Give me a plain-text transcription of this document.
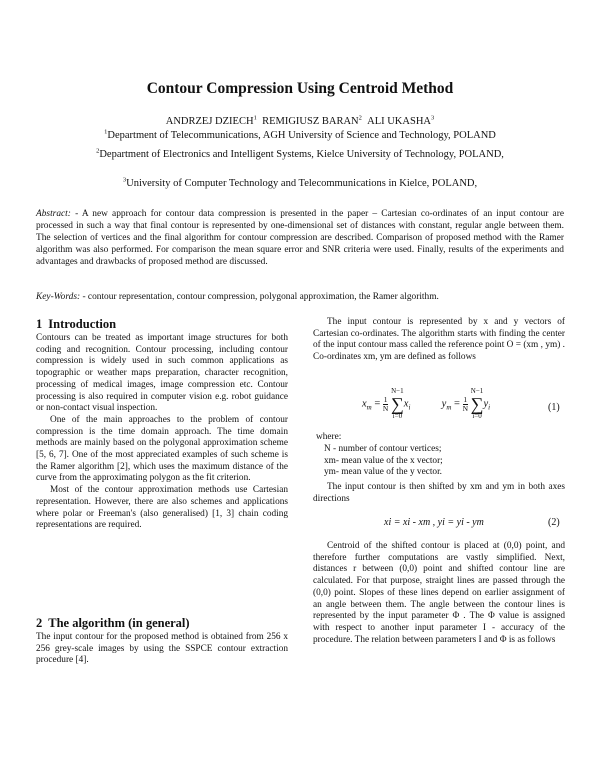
Contour Compression Using Centroid Method
ANDRZEJ DZIECH$^1$ REMIGIUSZ BARAN$^2$ ALI UKASHA$^3$
$^1$Department of Telecommunications, AGH University of Science and Technology, POLAND
$^2$Department of Electronics and Intelligent Systems, Kielce University of Technology, POLAND,
$^3$University of Computer Technology and Telecommunications in Kielce, POLAND,
Abstract: - A new approach for contour data compression is presented in the paper – Cartesian co-ordinates of an input contour are processed in such a way that final contour is represented by one-dimensional set of distances with constant, regular angle between them. The selection of vertices and the final algorithm for contour compression are described. Comparison of proposed method with the Ramer algorithm was also performed. For comparison the mean square error and SNR criteria were used. Finally, results of the experiments and advantages and drawbacks of proposed method are discussed.
Key-Words: - contour representation, contour compression, polygonal approximation, the Ramer algorithm.
1 Introduction

Contours can be treated as important image structures for both coding and recognition. Contour processing, including contour compression is widely used in such common applications as topographic or weather maps preparation, character recognition, processing of medical images, image compression etc. Contour processing is also required in computer vision e.g. robot guidance or non-contact visual inspection.

One of the main approaches to the problem of contour compression is the time domain approach. The time domain methods are mainly based on the polygonal approximation scheme [5, 6, 7]. One of the most appreciated examples of such scheme is the Ramer algorithm [2], which uses the maximum distance of the curve from the approximating polygon as the fit criterion.

Most of the contour approximation methods use Cartesian representation. However, there are also schemes and applications where polar or Freeman's (also generalised) [1, 3] chain coding representations are required.

2 The algorithm (in general)

The input contour for the proposed method is obtained from 256 x 256 grey-scale images by using the SSPCE contour extraction procedure [4].

The input contour is represented by x and y vectors of Cartesian co-ordinates. The algorithm starts with finding the center of the input contour mass called the reference point O = (xm , ym) . Co-ordinates xm, ym are defined as follows

$x_m = \frac{1}{N}$

N−1
∑
i=0
$x_i$	$y_m = \frac{1}{N}$

N−1
∑
i=0
$y_i$	(1)
where:
N - number of contour vertices;
xm- mean value of the x vector;
ym- mean value of the y vector.

The input contour is then shifted by xm and ym in both axes directions

xi = xi - xm , yi = yi - ym	(2)

Centroid of the shifted contour is placed at (0,0) point, and therefore further computations are vastly simplified. Next, distances r between (0,0) point and shifted contour line are calculated. For that purpose, straight lines are passed through the (0,0) point. Slopes of these lines depend on earlier assignment of an angle between them. The angle between the contour lines is represented by the input parameter Φ . The Φ value is assigned with respect to another input parameter I - accuracy of the procedure. The relation between parameters I and Φ is as follows
